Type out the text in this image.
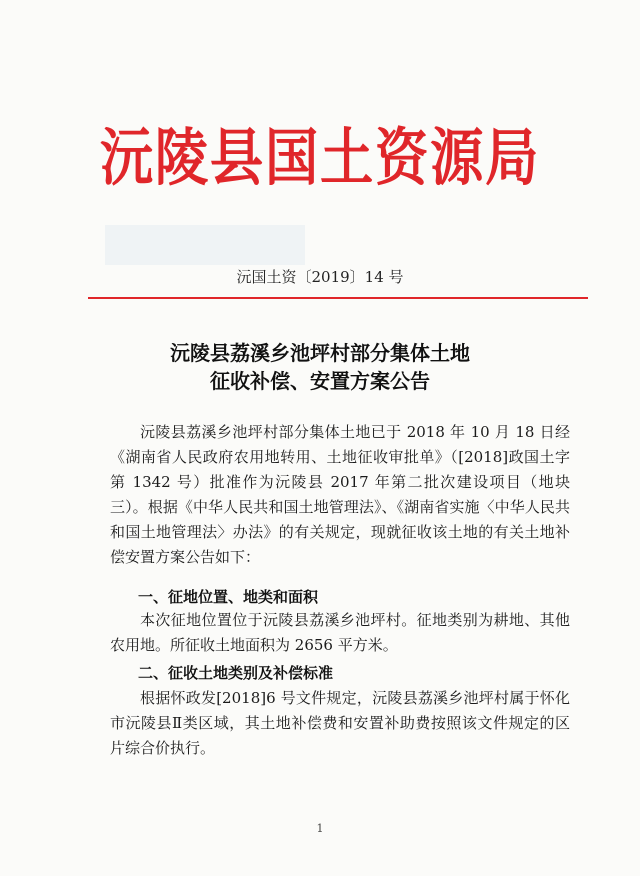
沅陵县国土资源局
沅国土资〔2019〕14 号
沅陵县荔溪乡池坪村部分集体土地
征收补偿、安置方案公告
沅陵县荔溪乡池坪村部分集体土地已于 2018 年 10 月 18 日经《湖南省人民政府农用地转用、土地征收审批单》（[2018]政国土字第 1342 号）批准作为沅陵县 2017 年第二批次建设项目（地块三）。根据《中华人民共和国土地管理法》、《湖南省实施〈中华人民共和国土地管理法〉办法》的有关规定，现就征收该土地的有关土地补偿安置方案公告如下：
一、征地位置、地类和面积
本次征地位置位于沅陵县荔溪乡池坪村。征地类别为耕地、其他农用地。所征收土地面积为 2656 平方米。
二、征收土地类别及补偿标准
根据怀政发[2018]6 号文件规定，沅陵县荔溪乡池坪村属于怀化市沅陵县Ⅱ类区域，其土地补偿费和安置补助费按照该文件规定的区片综合价执行。
1
